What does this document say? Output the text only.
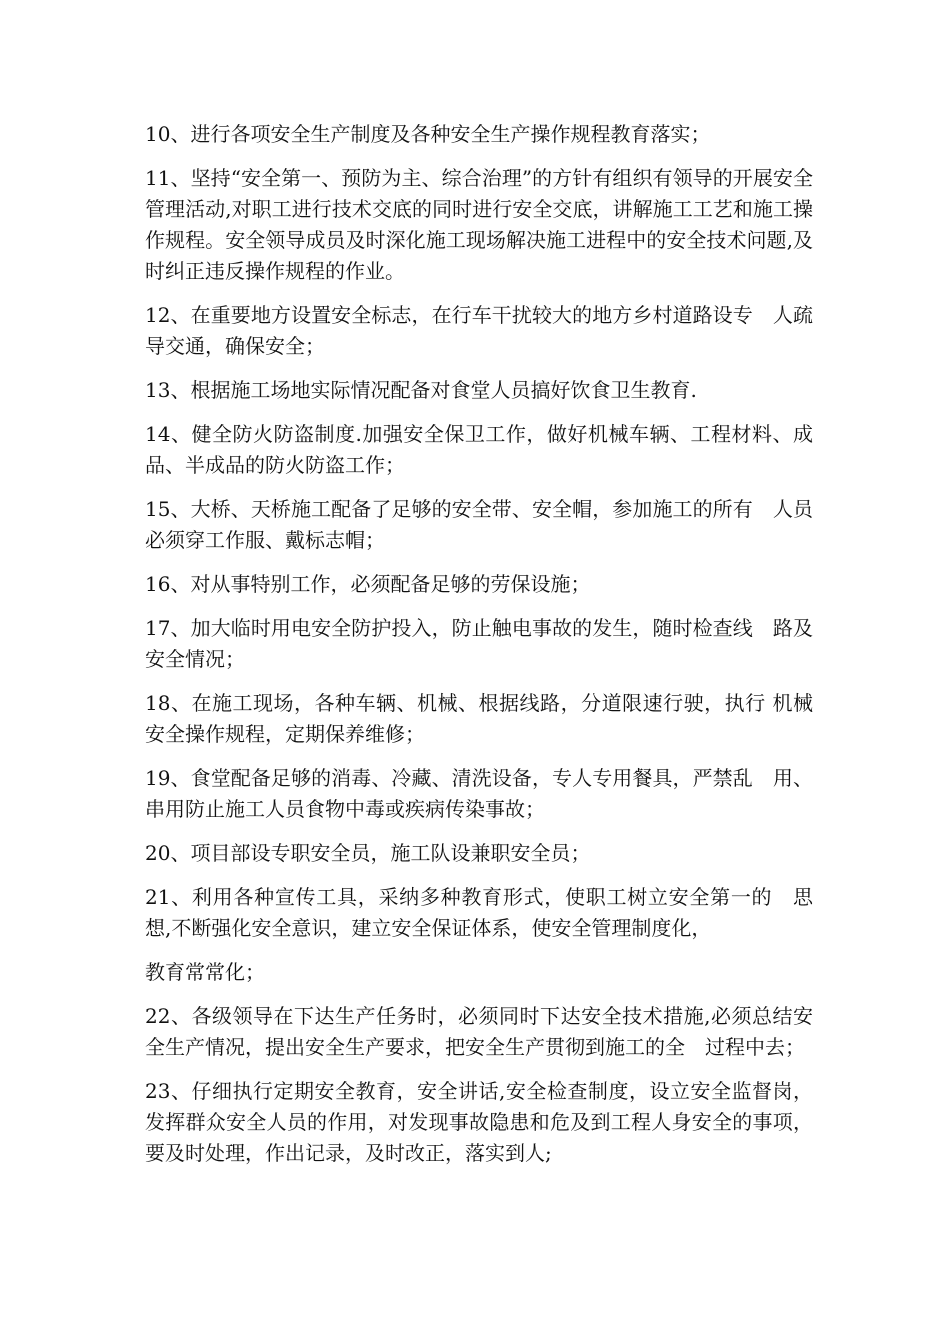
10、进行各项安全生产制度及各种安全生产操作规程教育落实；

11、坚持“安全第一、预防为主、综合治理”的方针有组织有领导的开展安全管理活动,对职工进行技术交底的同时进行安全交底，讲解施工工艺和施工操作规程。安全领导成员及时深化施工现场解决施工进程中的安全技术问题,及时纠正违反操作规程的作业。

12、在重要地方设置安全标志，在行车干扰较大的地方乡村道路设专　人疏导交通，确保安全；

13、根据施工场地实际情况配备对食堂人员搞好饮食卫生教育.

14、健全防火防盗制度.加强安全保卫工作，做好机械车辆、工程材料、成品、半成品的防火防盗工作；

15、大桥、天桥施工配备了足够的安全带、安全帽，参加施工的所有　人员必须穿工作服、戴标志帽；

16、对从事特别工作，必须配备足够的劳保设施；

17、加大临时用电安全防护投入，防止触电事故的发生，随时检查线　路及安全情况；

18、在施工现场，各种车辆、机械、根据线路，分道限速行驶，执行 机械安全操作规程，定期保养维修；

19、食堂配备足够的消毒、冷藏、清洗设备，专人专用餐具，严禁乱　用、串用防止施工人员食物中毒或疾病传染事故；

20、项目部设专职安全员，施工队设兼职安全员；

21、利用各种宣传工具，采纳多种教育形式，使职工树立安全第一的　思想,不断强化安全意识，建立安全保证体系，使安全管理制度化，

教育常常化；

22、各级领导在下达生产任务时，必须同时下达安全技术措施,必须总结安全生产情况，提出安全生产要求，把安全生产贯彻到施工的全　过程中去；

23、仔细执行定期安全教育，安全讲话,安全检查制度，设立安全监督岗，发挥群众安全人员的作用，对发现事故隐患和危及到工程人身安全的事项，要及时处理，作出记录，及时改正，落实到人;
